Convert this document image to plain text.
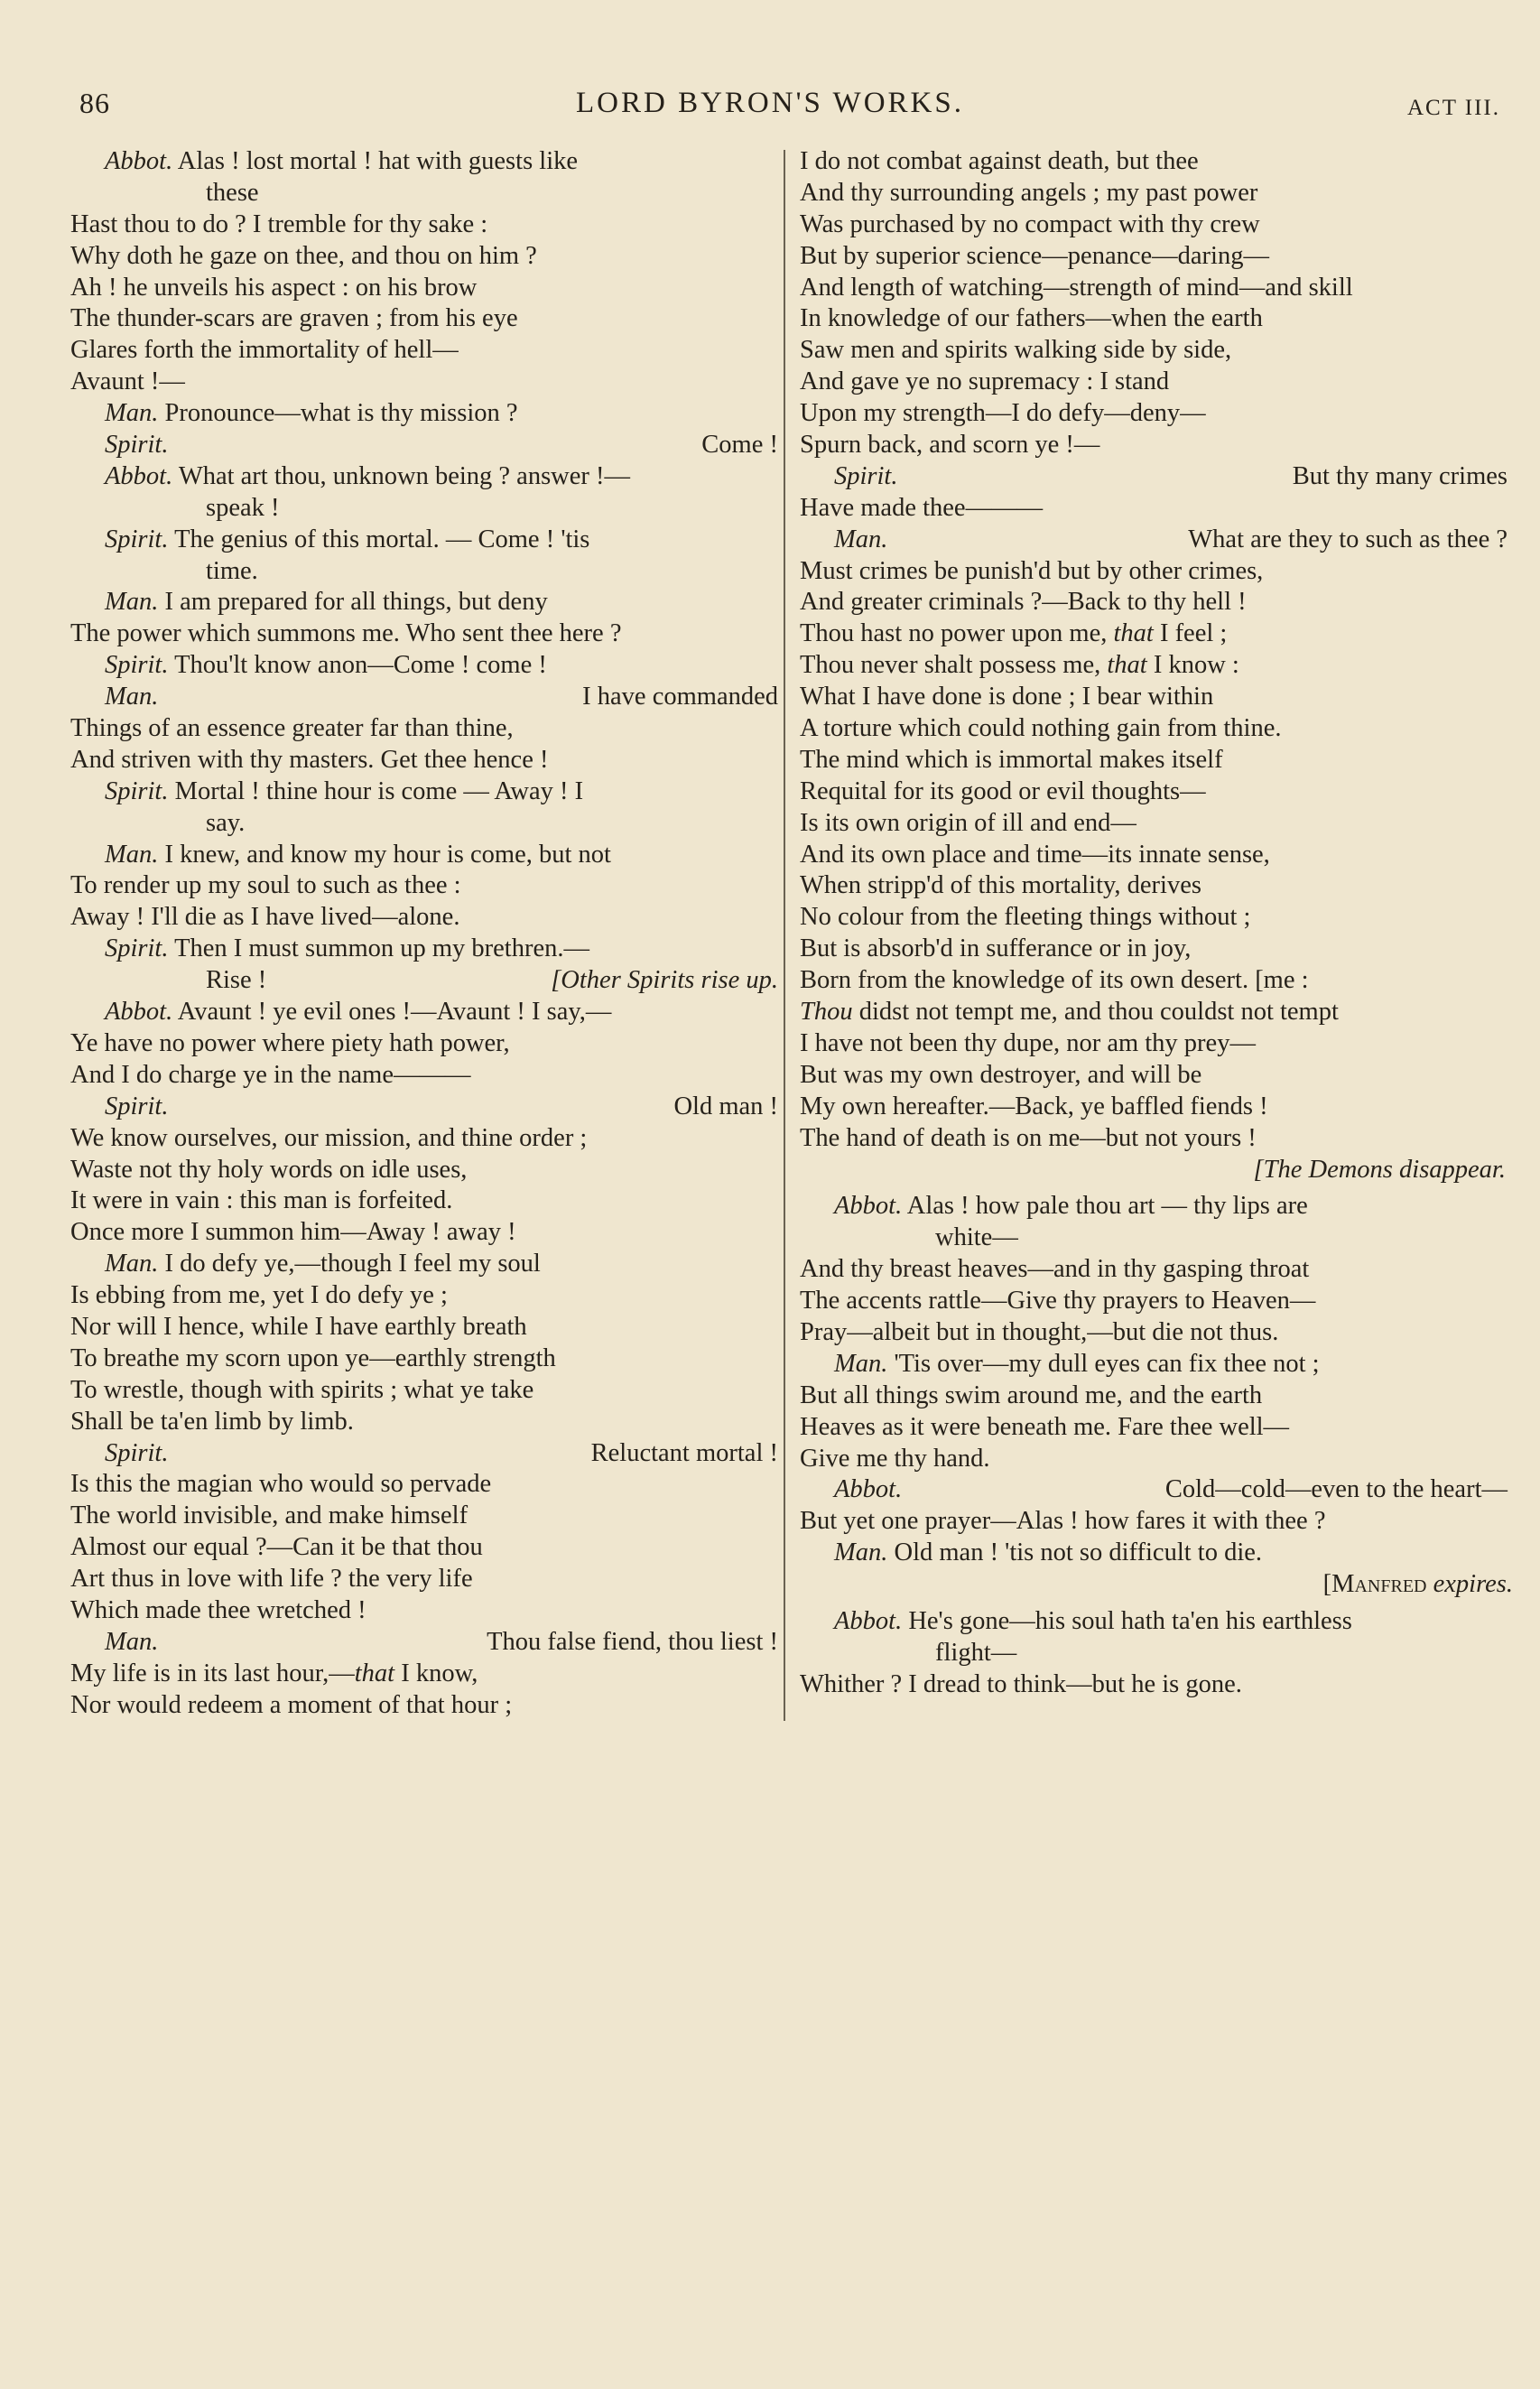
86	LORD BYRON'S WORKS.	ACT III.
Abbot. Alas ! lost mortal ! hat with guests like
these
Hast thou to do ? I tremble for thy sake :
Why doth he gaze on thee, and thou on him ?
Ah ! he unveils his aspect : on his brow
The thunder-scars are graven ; from his eye
Glares forth the immortality of hell—
Avaunt !—
Man. Pronounce—what is thy mission ?
Spirit.	Come !
Abbot. What art thou, unknown being ? answer !—
speak !
Spirit. The genius of this mortal. — Come ! 'tis
time.
Man. I am prepared for all things, but deny
The power which summons me. Who sent thee here ?
Spirit. Thou'lt know anon—Come ! come !
Man.	I have commanded
Things of an essence greater far than thine,
And striven with thy masters. Get thee hence !
Spirit. Mortal ! thine hour is come — Away ! I
say.
Man. I knew, and know my hour is come, but not
To render up my soul to such as thee :
Away ! I'll die as I have lived—alone.
Spirit. Then I must summon up my brethren.—
Rise !	[Other Spirits rise up.
Abbot. Avaunt ! ye evil ones !—Avaunt ! I say,—
Ye have no power where piety hath power,
And I do charge ye in the name———
Spirit.	Old man !
We know ourselves, our mission, and thine order ;
Waste not thy holy words on idle uses,
It were in vain : this man is forfeited.
Once more I summon him—Away ! away !
Man. I do defy ye,—though I feel my soul
Is ebbing from me, yet I do defy ye ;
Nor will I hence, while I have earthly breath
To breathe my scorn upon ye—earthly strength
To wrestle, though with spirits ; what ye take
Shall be ta'en limb by limb.
Spirit.	Reluctant mortal !
Is this the magian who would so pervade
The world invisible, and make himself
Almost our equal ?—Can it be that thou
Art thus in love with life ? the very life
Which made thee wretched !
Man.	Thou false fiend, thou liest !
My life is in its last hour,—that I know,
Nor would redeem a moment of that hour ;
I do not combat against death, but thee
And thy surrounding angels ; my past power
Was purchased by no compact with thy crew
But by superior science—penance—daring—
And length of watching—strength of mind—and skill
In knowledge of our fathers—when the earth
Saw men and spirits walking side by side,
And gave ye no supremacy : I stand
Upon my strength—I do defy—deny—
Spurn back, and scorn ye !—
Spirit.	But thy many crimes
Have made thee———
Man.	What are they to such as thee ?
Must crimes be punish'd but by other crimes,
And greater criminals ?—Back to thy hell !
Thou hast no power upon me, that I feel ;
Thou never shalt possess me, that I know :
What I have done is done ; I bear within
A torture which could nothing gain from thine.
The mind which is immortal makes itself
Requital for its good or evil thoughts—
Is its own origin of ill and end—
And its own place and time—its innate sense,
When stripp'd of this mortality, derives
No colour from the fleeting things without ;
But is absorb'd in sufferance or in joy,
Born from the knowledge of its own desert. [me :
Thou didst not tempt me, and thou couldst not tempt
I have not been thy dupe, nor am thy prey—
But was my own destroyer, and will be
My own hereafter.—Back, ye baffled fiends !
The hand of death is on me—but not yours !
[The Demons disappear.
Abbot. Alas ! how pale thou art — thy lips are
white—
And thy breast heaves—and in thy gasping throat
The accents rattle—Give thy prayers to Heaven—
Pray—albeit but in thought,—but die not thus.
Man. 'Tis over—my dull eyes can fix thee not ;
But all things swim around me, and the earth
Heaves as it were beneath me. Fare thee well—
Give me thy hand.
Abbot.	Cold—cold—even to the heart—
But yet one prayer—Alas ! how fares it with thee ?
Man. Old man ! 'tis not so difficult to die.
[Manfred expires.
Abbot. He's gone—his soul hath ta'en his earthless
flight—
Whither ? I dread to think—but he is gone.
